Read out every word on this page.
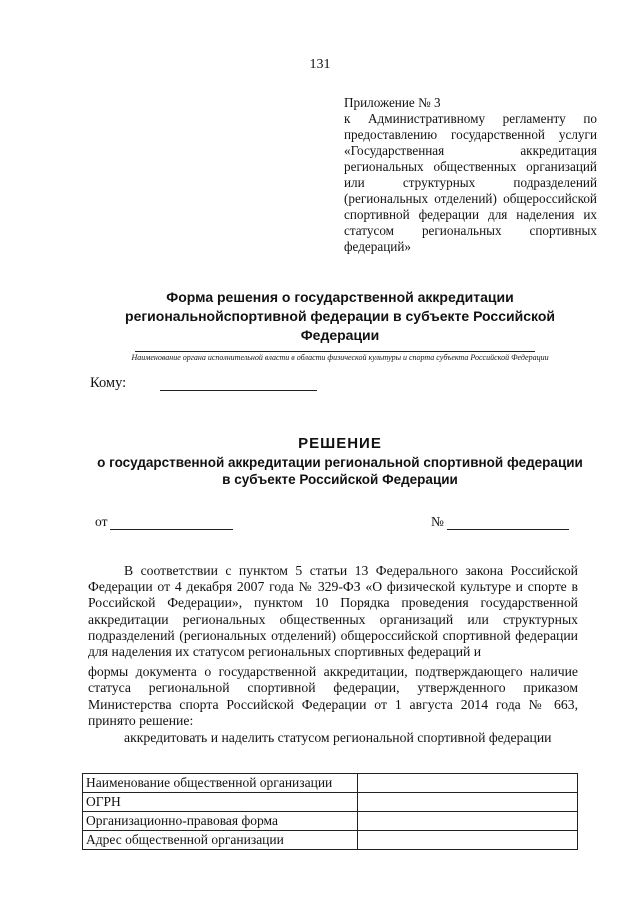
131
Приложение № 3
к Административному регламенту по предоставлению государственной услуги «Государственная аккредитация региональных общественных организаций или структурных подразделений (региональных отделений) общероссийской спортивной федерации для наделения их статусом региональных спортивных федераций»
Форма решения о государственной аккредитации
региональнойспортивной федерации в субъекте Российской Федерации
Наименование органа исполнительной власти в области физической культуры и спорта субъекта Российской Федерации
Кому:
РЕШЕНИЕ
о государственной аккредитации региональной спортивной федерации
в субъекте Российской Федерации
от	№

В соответствии с пунктом 5 статьи 13 Федерального закона Российской Федерации от 4 декабря 2007 года № 329-ФЗ «О физической культуре и спорте в Российской Федерации», пунктом 10 Порядка проведения государственной аккредитации региональных общественных организаций или структурных подразделений (региональных отделений) общероссийской спортивной федерации для наделения их статусом региональных спортивных федераций и

формы документа о государственной аккредитации, подтверждающего наличие статуса региональной спортивной федерации, утвержденного приказом Министерства спорта Российской Федерации от 1 августа 2014 года № 663, принято решение:

аккредитовать и наделить статусом региональной спортивной федерации

Наименование общественной организации	
ОГРН	
Организационно-правовая форма	
Адрес общественной организации	
